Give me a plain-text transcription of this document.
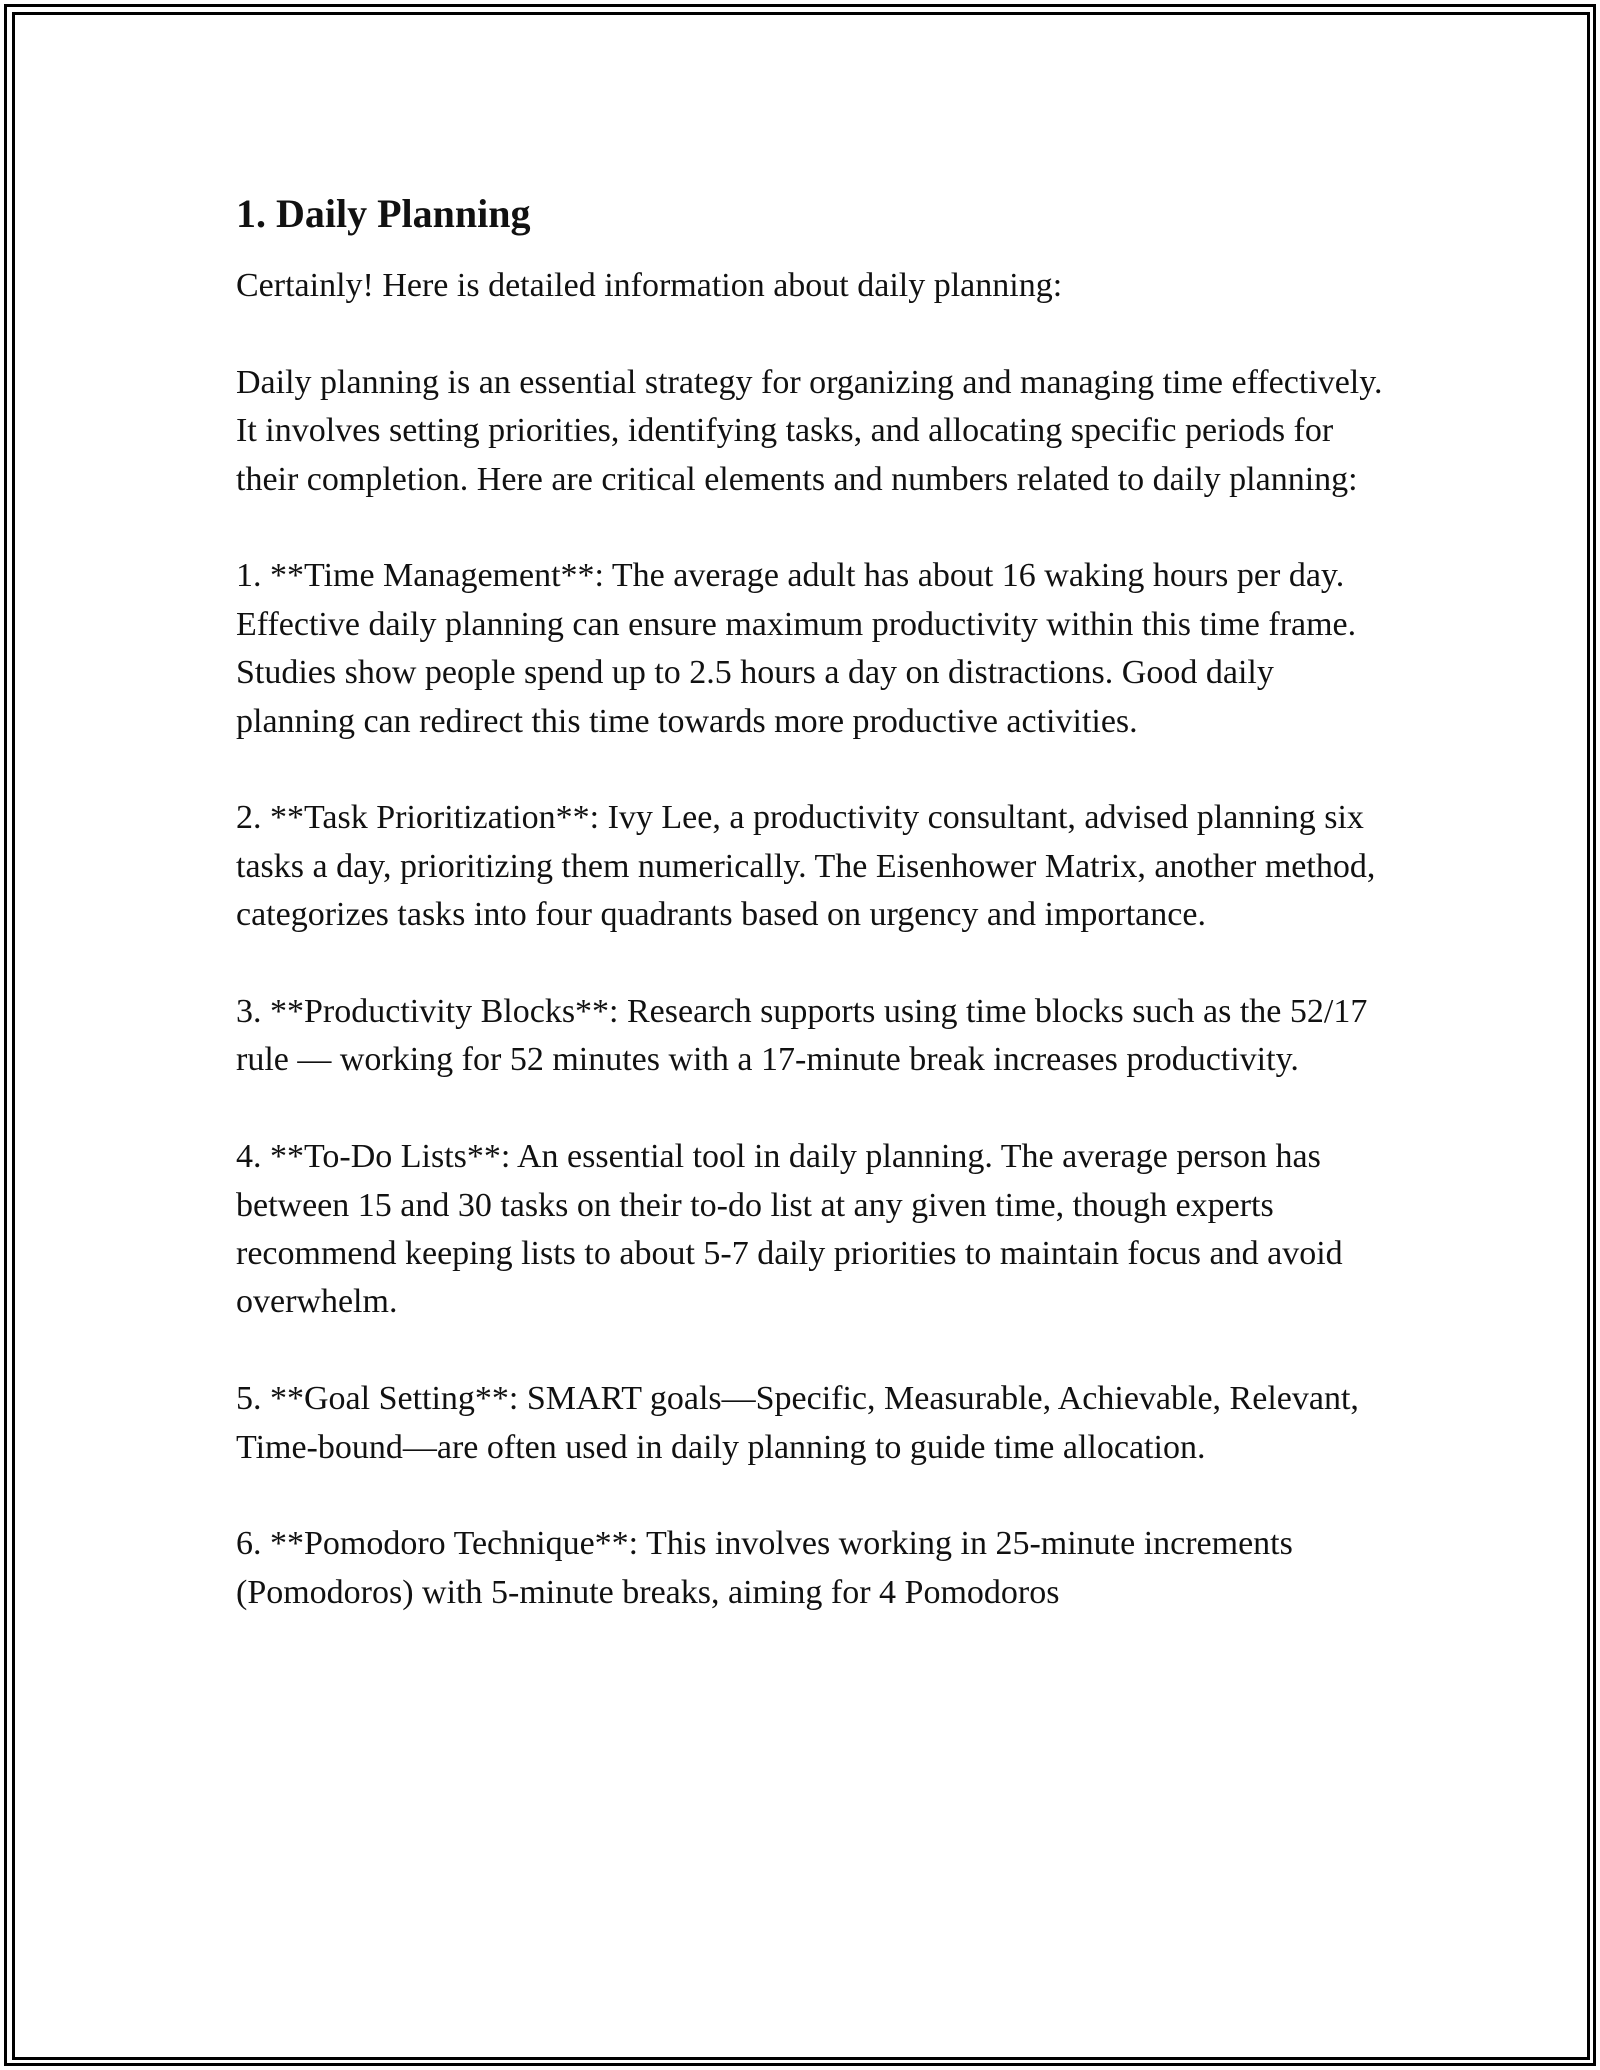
1. Daily Planning

Certainly! Here is detailed information about daily planning:

Daily planning is an essential strategy for organizing and managing time effectively. It involves setting priorities, identifying tasks, and allocating specific periods for their completion. Here are critical elements and numbers related to daily planning:

1. **Time Management**: The average adult has about 16 waking hours per day. Effective daily planning can ensure maximum productivity within this time frame. Studies show people spend up to 2.5 hours a day on distractions. Good daily planning can redirect this time towards more productive activities.

2. **Task Prioritization**: Ivy Lee, a productivity consultant, advised planning six tasks a day, prioritizing them numerically. The Eisenhower Matrix, another method, categorizes tasks into four quadrants based on urgency and importance.

3. **Productivity Blocks**: Research supports using time blocks such as the 52/17 rule — working for 52 minutes with a 17-minute break increases productivity.

4. **To-Do Lists**: An essential tool in daily planning. The average person has between 15 and 30 tasks on their to-do list at any given time, though experts recommend keeping lists to about 5-7 daily priorities to maintain focus and avoid overwhelm.

5. **Goal Setting**: SMART goals—Specific, Measurable, Achievable, Relevant, Time-bound—are often used in daily planning to guide time allocation.

6. **Pomodoro Technique**: This involves working in 25-minute increments (Pomodoros) with 5-minute breaks, aiming for 4 Pomodoros
